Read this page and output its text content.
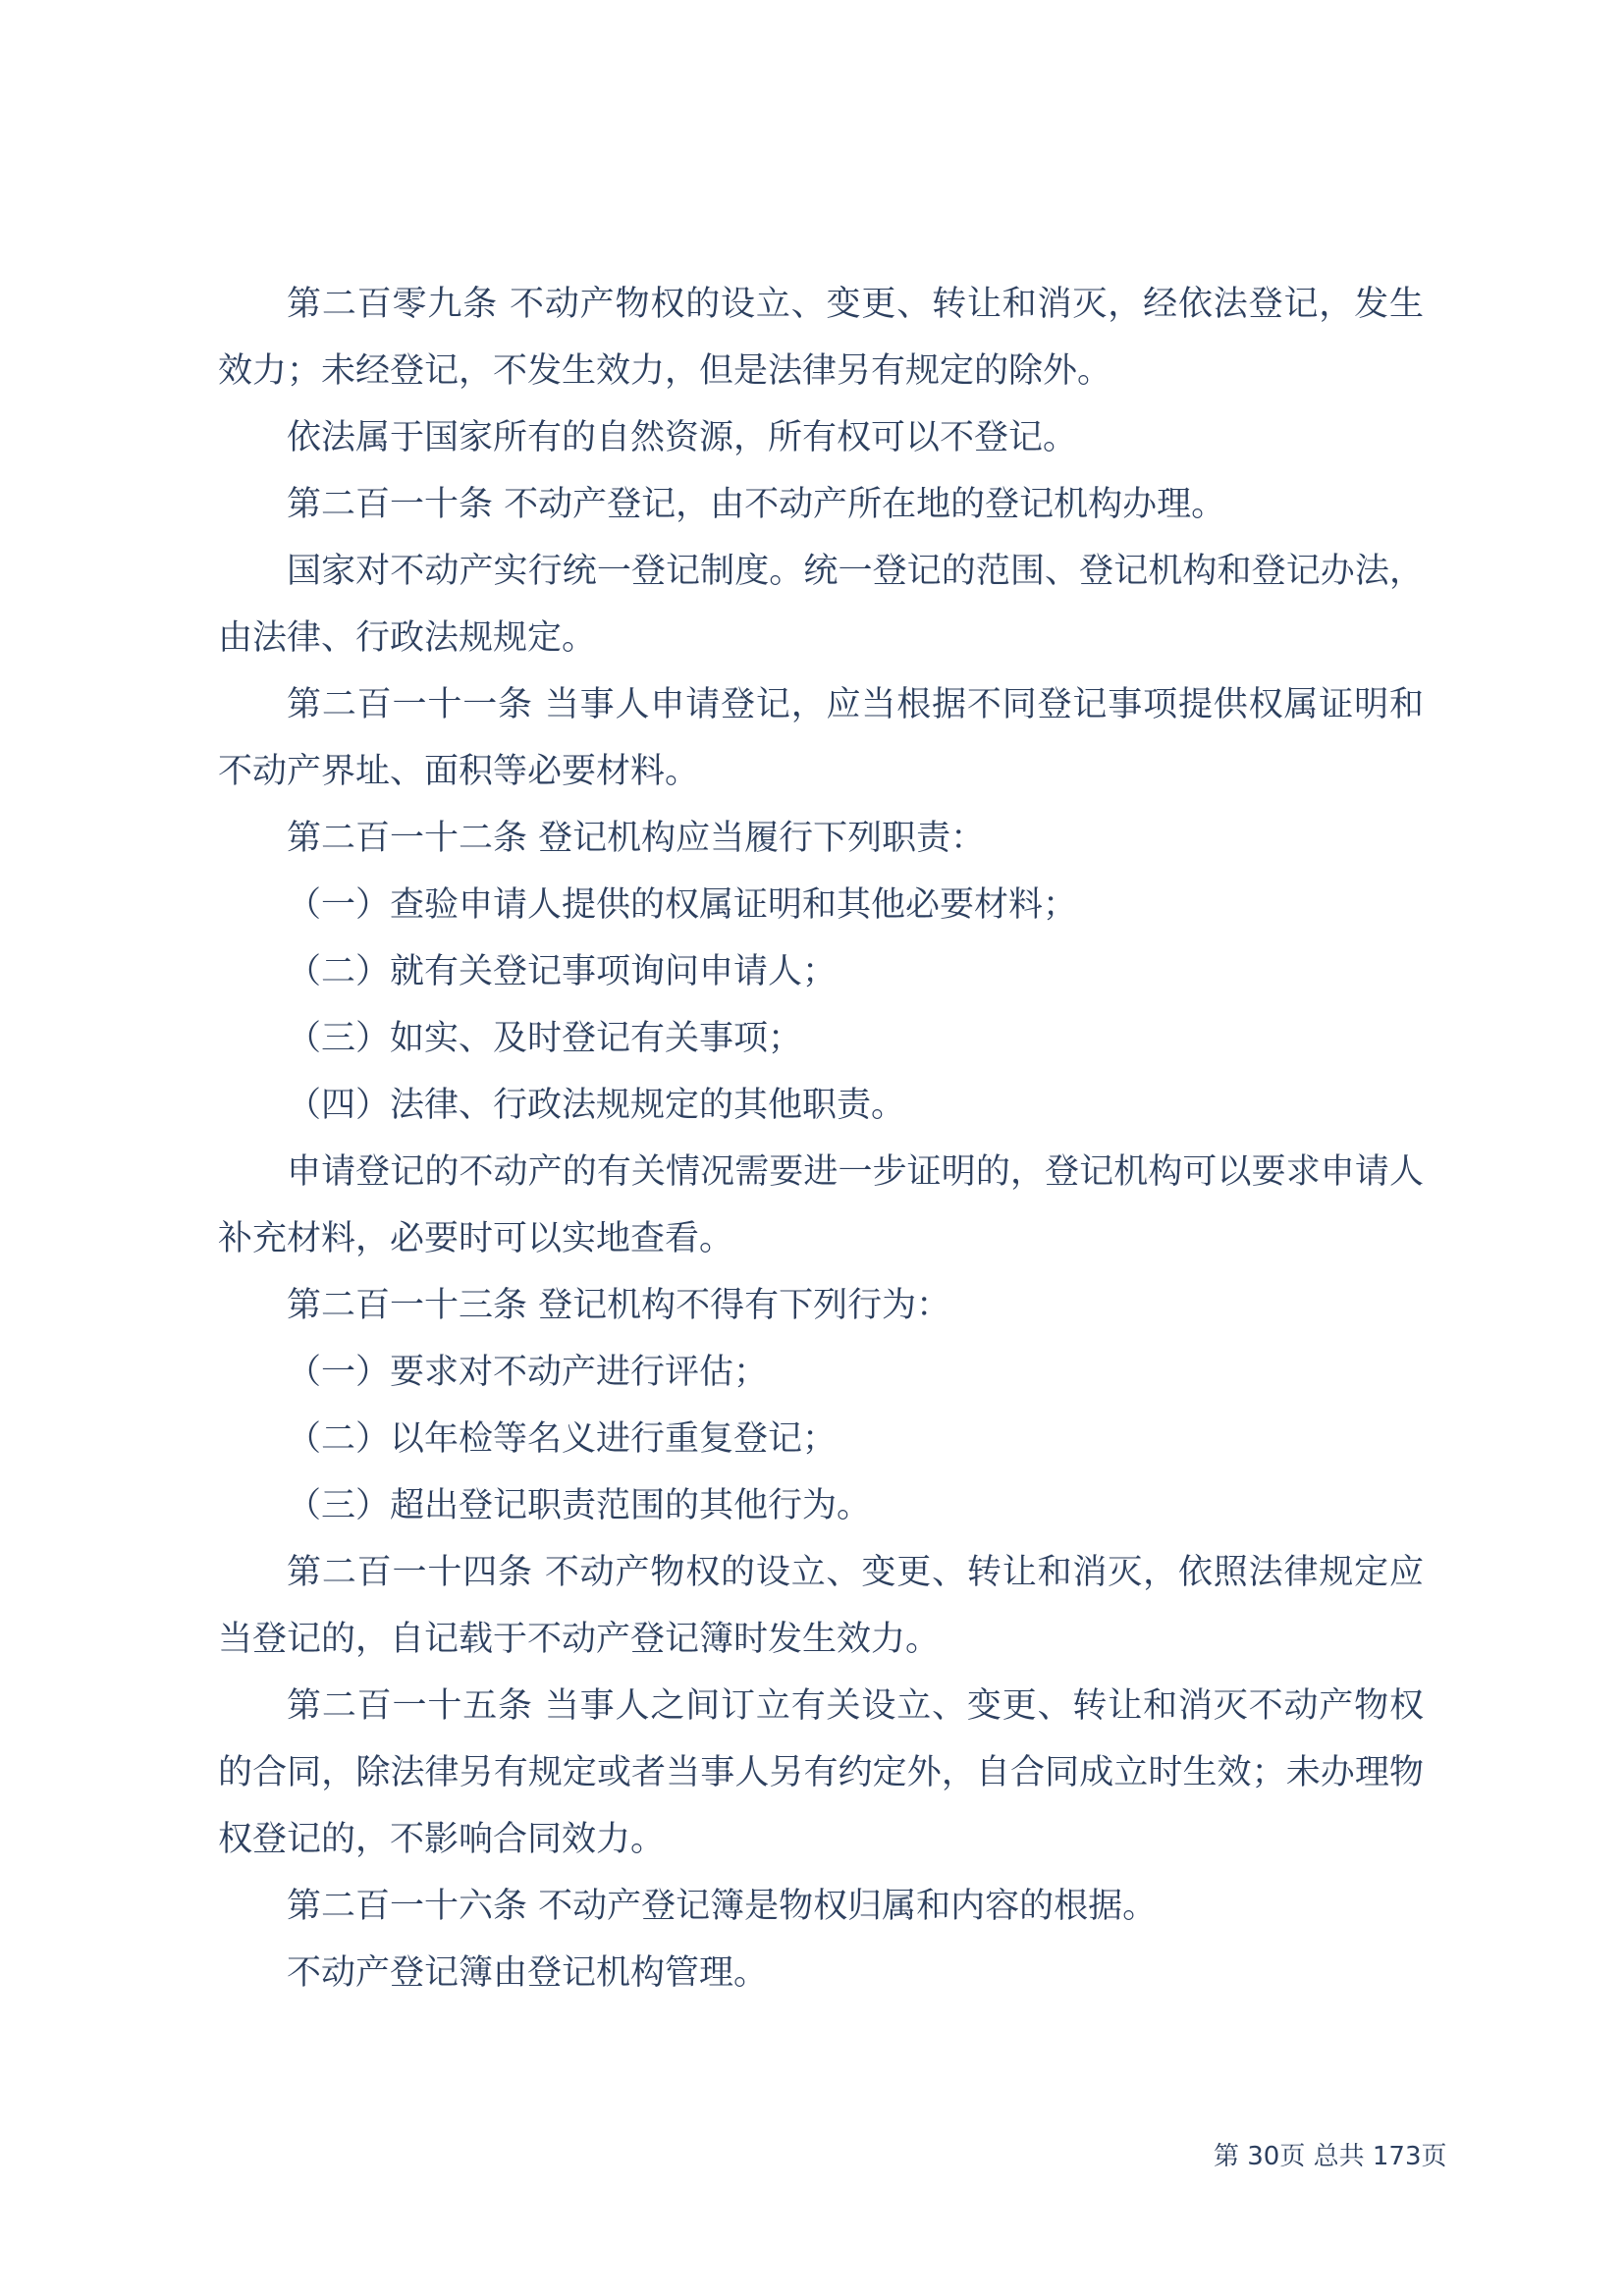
第二百零九条 不动产物权的设立、变更、转让和消灭，经依法登记，发生效力；未经登记，不发生效力，但是法律另有规定的除外。

依法属于国家所有的自然资源，所有权可以不登记。

第二百一十条 不动产登记，由不动产所在地的登记机构办理。

国家对不动产实行统一登记制度。统一登记的范围、登记机构和登记办法，由法律、行政法规规定。

第二百一十一条 当事人申请登记，应当根据不同登记事项提供权属证明和不动产界址、面积等必要材料。

第二百一十二条 登记机构应当履行下列职责：

（一）查验申请人提供的权属证明和其他必要材料；

（二）就有关登记事项询问申请人；

（三）如实、及时登记有关事项；

（四）法律、行政法规规定的其他职责。

申请登记的不动产的有关情况需要进一步证明的，登记机构可以要求申请人补充材料，必要时可以实地查看。

第二百一十三条 登记机构不得有下列行为：

（一）要求对不动产进行评估；

（二）以年检等名义进行重复登记；

（三）超出登记职责范围的其他行为。

第二百一十四条 不动产物权的设立、变更、转让和消灭，依照法律规定应当登记的，自记载于不动产登记簿时发生效力。

第二百一十五条 当事人之间订立有关设立、变更、转让和消灭不动产物权的合同，除法律另有规定或者当事人另有约定外，自合同成立时生效；未办理物权登记的，不影响合同效力。

第二百一十六条 不动产登记簿是物权归属和内容的根据。

不动产登记簿由登记机构管理。

第 30页 总共 173页
